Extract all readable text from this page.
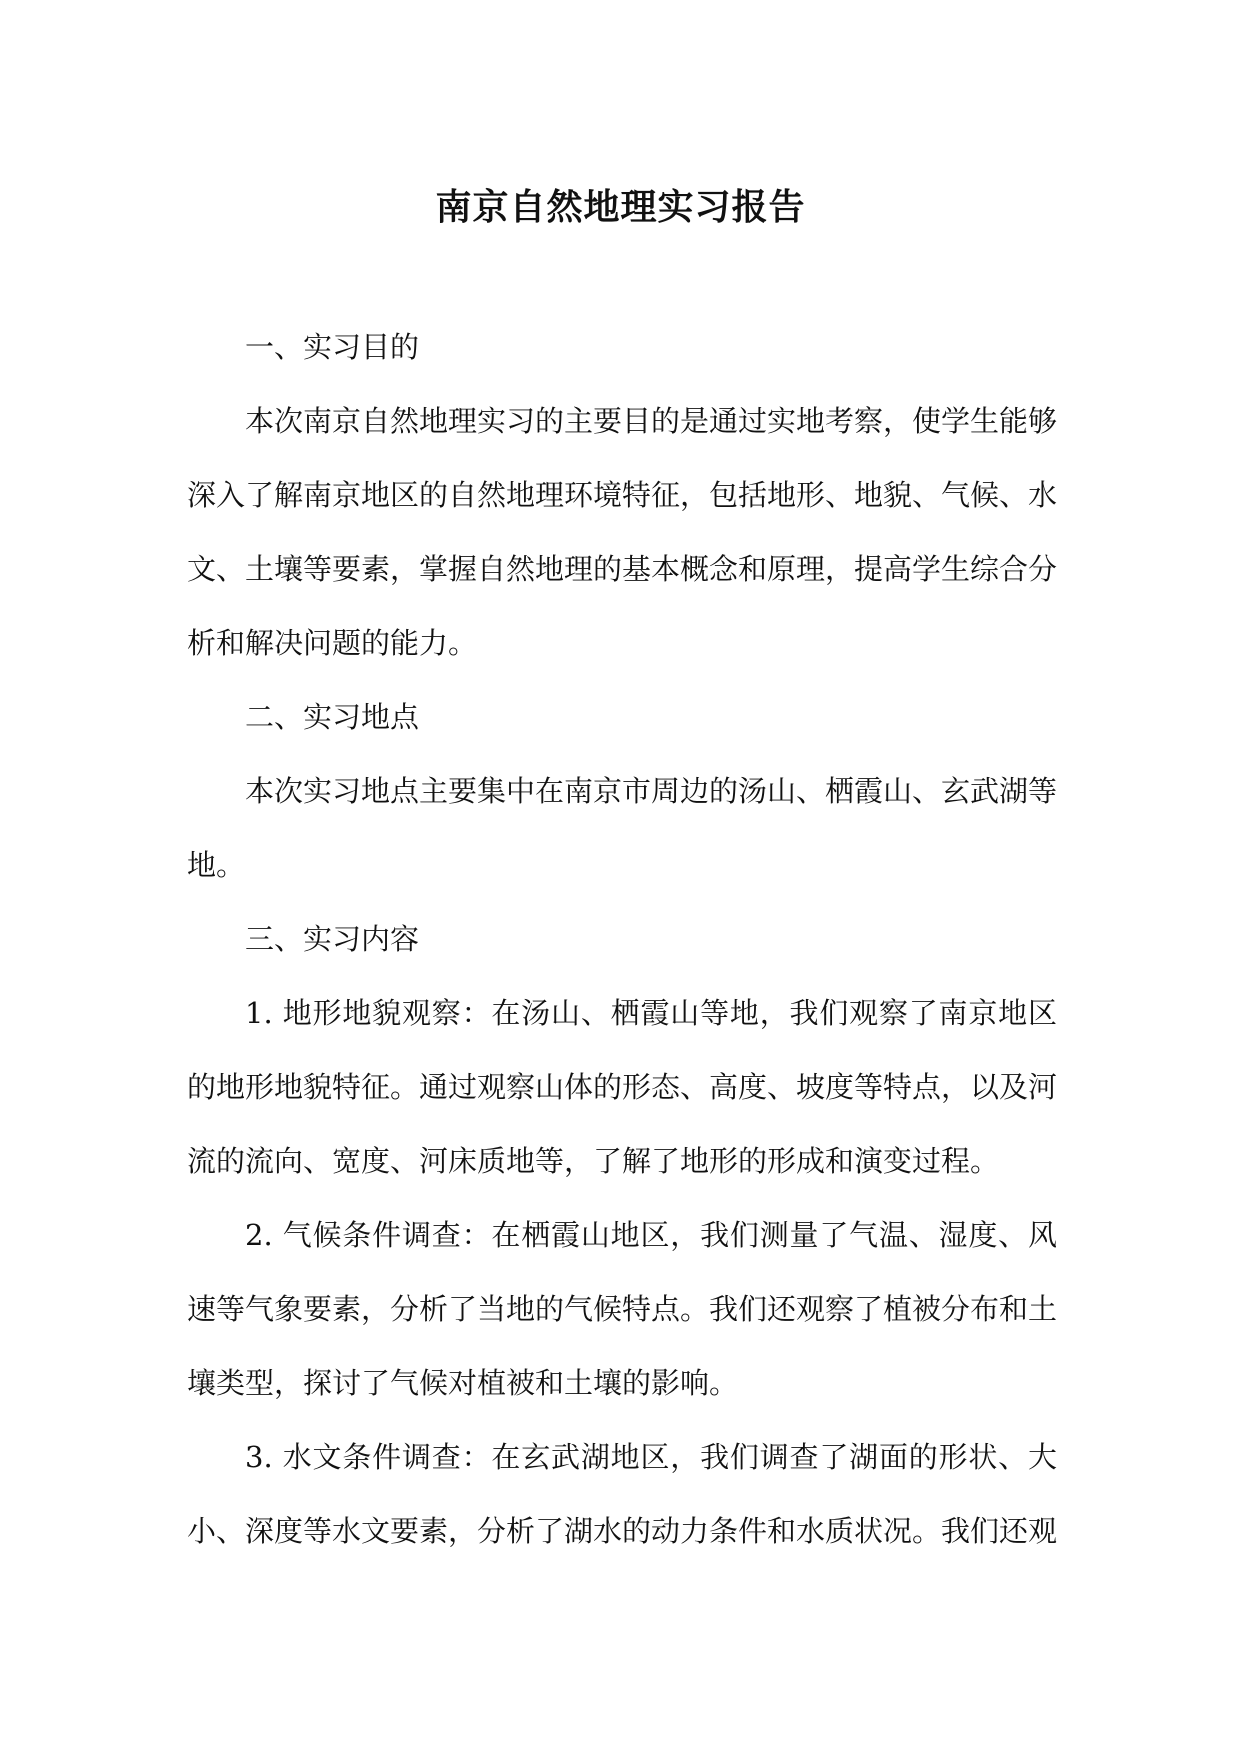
南京自然地理实习报告

一、实习目的

本次南京自然地理实习的主要目的是通过实地考察，使学生能够深入了解南京地区的自然地理环境特征，包括地形、地貌、气候、水文、土壤等要素，掌握自然地理的基本概念和原理，提高学生综合分析和解决问题的能力。

二、实习地点

本次实习地点主要集中在南京市周边的汤山、栖霞山、玄武湖等地。

三、实习内容

1. 地形地貌观察：在汤山、栖霞山等地，我们观察了南京地区的地形地貌特征。通过观察山体的形态、高度、坡度等特点，以及河流的流向、宽度、河床质地等，了解了地形的形成和演变过程。

2. 气候条件调查：在栖霞山地区，我们测量了气温、湿度、风速等气象要素，分析了当地的气候特点。我们还观察了植被分布和土壤类型，探讨了气候对植被和土壤的影响。

3. 水文条件调查：在玄武湖地区，我们调查了湖面的形状、大小、深度等水文要素，分析了湖水的动力条件和水质状况。我们还观
